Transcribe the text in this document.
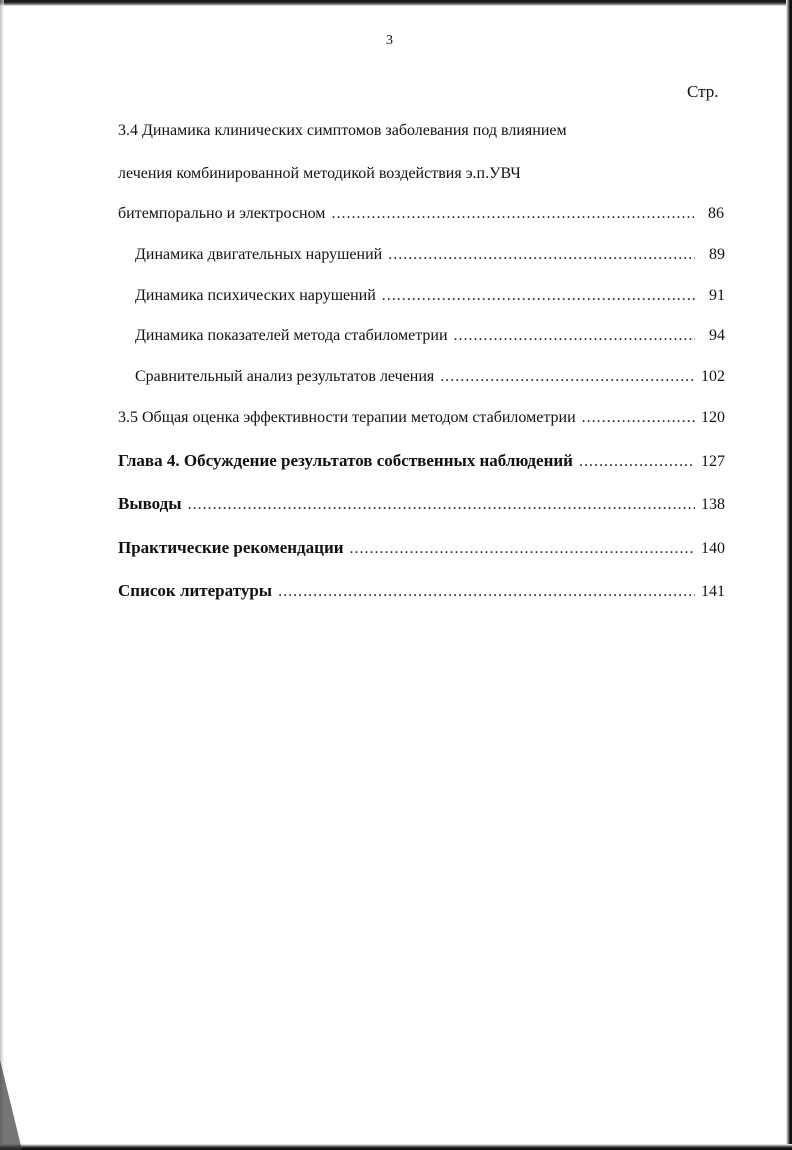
3
Стр.
3.4 Динамика клинических симптомов заболевания под влиянием
лечения комбинированной методикой воздействия э.п.УВЧ
битемпорально и электросном .....	86
Динамика двигательных нарушений .....	89
Динамика психических нарушений .....	91
Динамика показателей метода стабилометрии .....	94
Сравнительный анализ результатов лечения .....	102
3.5 Общая оценка эффективности терапии методом стабилометрии .....	120
Глава 4. Обсуждение результатов собственных наблюдений .....	127
Выводы .....	138
Практические рекомендации .....	140
Список литературы .....	141
